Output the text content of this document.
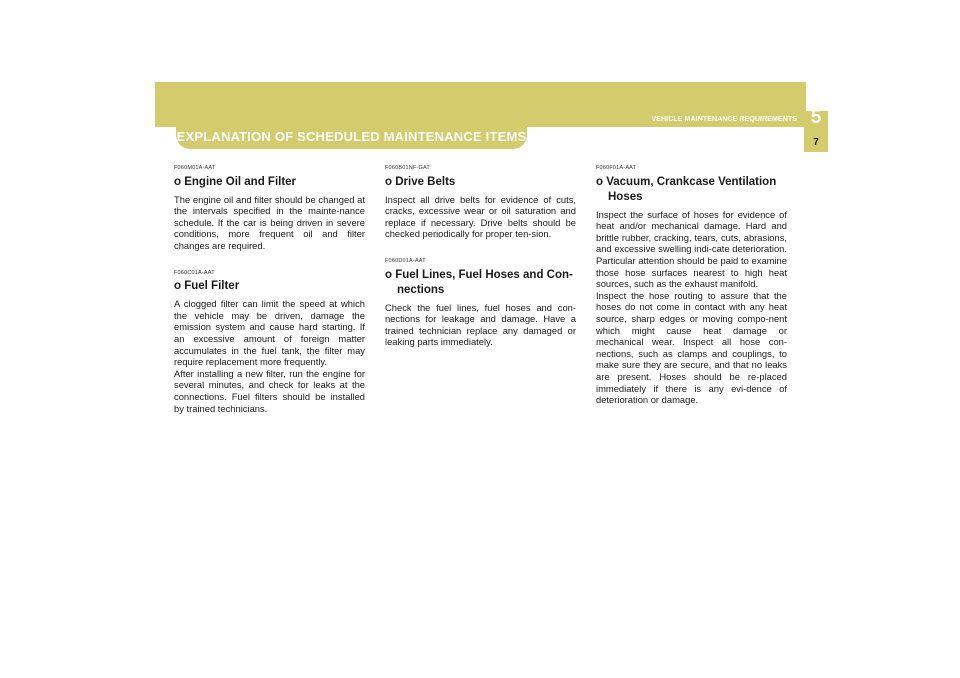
5
VEHICLE MAINTENANCE REQUIREMENTS
7
EXPLANATION OF SCHEDULED MAINTENANCE ITEMS
F060M01A-AAT
o Engine Oil and Filter

The engine oil and filter should be changed at the intervals specified in the mainte-nance schedule. If the car is being driven in severe conditions, more frequent oil and filter changes are required.

F060C01A-AAT
o Fuel Filter

A clogged filter can limit the speed at which the vehicle may be driven, damage the emission system and cause hard starting. If an excessive amount of foreign matter accumulates in the fuel tank, the filter may require replacement more frequently.

After installing a new filter, run the engine for several minutes, and check for leaks at the connections. Fuel filters should be installed by trained technicians.

F060B01NF-GAT
o Drive Belts

Inspect all drive belts for evidence of cuts, cracks, excessive wear or oil saturation and replace if necessary. Drive belts should be checked periodically for proper ten-sion.

F060D01A-AAT
o Fuel Lines, Fuel Hoses and Con-nections

Check the fuel lines, fuel hoses and con-nections for leakage and damage. Have a trained technician replace any damaged or leaking parts immediately.

F060F01A-AAT
o Vacuum, Crankcase Ventilation Hoses

Inspect the surface of hoses for evidence of heat and/or mechanical damage. Hard and brittle rubber, cracking, tears, cuts, abrasions, and excessive swelling indi-cate deterioration. Particular attention should be paid to examine those hose surfaces nearest to high heat sources, such as the exhaust manifold.

Inspect the hose routing to assure that the hoses do not come in contact with any heat source, sharp edges or moving compo-nent which might cause heat damage or mechanical wear. Inspect all hose con-nections, such as clamps and couplings, to make sure they are secure, and that no leaks are present. Hoses should be re-placed immediately if there is any evi-dence of deterioration or damage.
